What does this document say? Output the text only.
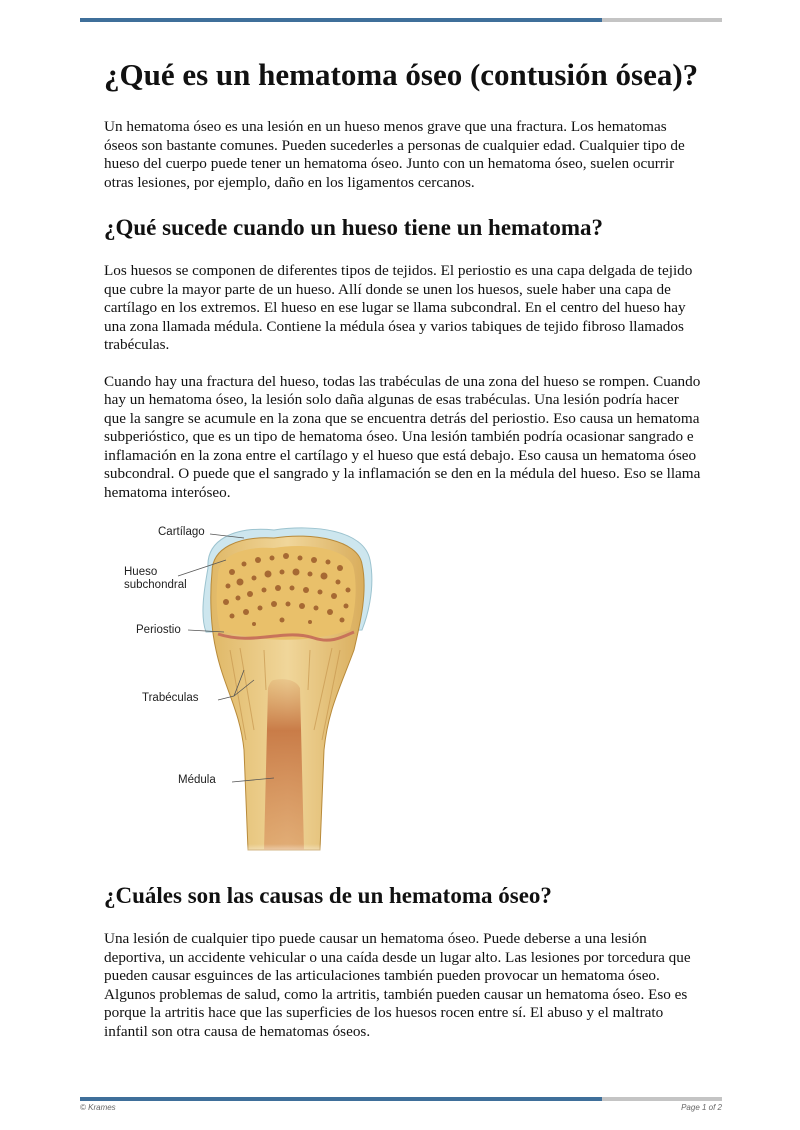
¿Qué es un hematoma óseo (contusión ósea)?

Un hematoma óseo es una lesión en un hueso menos grave que una fractura. Los hematomas óseos son bastante comunes. Pueden sucederles a personas de cualquier edad. Cualquier tipo de hueso del cuerpo puede tener un hematoma óseo. Junto con un hematoma óseo, suelen ocurrir otras lesiones, por ejemplo, daño en los ligamentos cercanos.

¿Qué sucede cuando un hueso tiene un hematoma?

Los huesos se componen de diferentes tipos de tejidos. El periostio es una capa delgada de tejido que cubre la mayor parte de un hueso. Allí donde se unen los huesos, suele haber una capa de cartílago en los extremos. El hueso en ese lugar se llama subcondral. En el centro del hueso hay una zona llamada médula. Contiene la médula ósea y varios tabiques de tejido fibroso llamados trabéculas.

Cuando hay una fractura del hueso, todas las trabéculas de una zona del hueso se rompen. Cuando hay un hematoma óseo, la lesión solo daña algunas de esas trabéculas. Una lesión podría hacer que la sangre se acumule en la zona que se encuentra detrás del periostio. Eso causa un hematoma subperióstico, que es un tipo de hematoma óseo. Una lesión también podría ocasionar sangrado e inflamación en la zona entre el cartílago y el hueso que está debajo. Eso causa un hematoma óseo subcondral. O puede que el sangrado y la inflamación se den en la médula del hueso. Eso se llama hematoma interóseo.

Cartílago
Hueso
subchondral
Periostio
Trabéculas
Médula
¿Cuáles son las causas de un hematoma óseo?

Una lesión de cualquier tipo puede causar un hematoma óseo. Puede deberse a una lesión deportiva, un accidente vehicular o una caída desde un lugar alto. Las lesiones por torcedura que pueden causar esguinces de las articulaciones también pueden provocar un hematoma óseo. Algunos problemas de salud, como la artritis, también pueden causar un hematoma óseo. Eso es porque la artritis hace que las superficies de los huesos rocen entre sí. El abuso y el maltrato infantil son otra causa de hematomas óseos.

© Krames	Page 1 of 2
